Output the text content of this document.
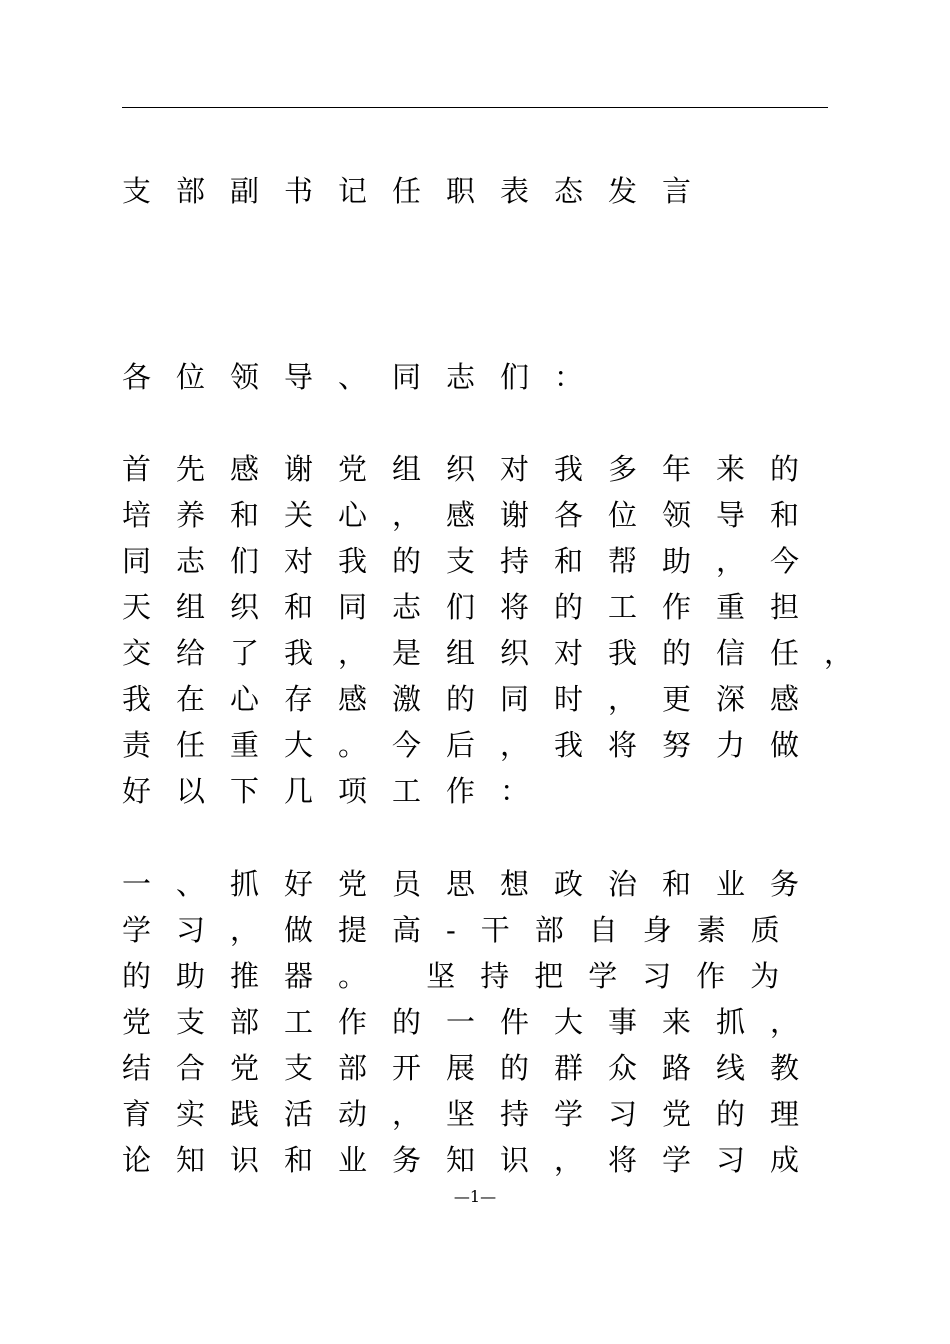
支部副书记任职表态发言
各位领导、同志们：
首先感谢党组织对我多年来的
培养和关心，感谢各位领导和
同志们对我的支持和帮助，今
天组织和同志们将的工作重担
交给了我，是组织对我的信任，
我在心存感激的同时，更深感
责任重大。今后，我将努力做
好以下几项工作：
一、抓好党员思想政治和业务
学习，做提高-干部自身素质
的助推器。 坚持把学习作为
党支部工作的一件大事来抓，
结合党支部开展的群众路线教
育实践活动，坚持学习党的理
论知识和业务知识，将学习成
—1—
